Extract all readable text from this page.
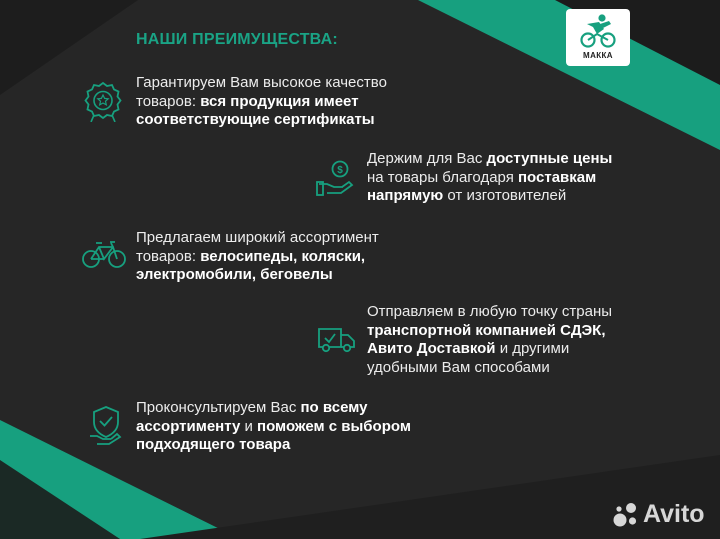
НАШИ ПРЕИМУЩЕСТВА:
МАККА

Гарантируем Вам высокое качество
товаров: вся продукция имеет
соответствующие сертификаты

$

Держим для Вас доступные цены
на товары благодаря поставкам
напрямую от изготовителей

Предлагаем широкий ассортимент
товаров: велосипеды, коляски,
электромобили, беговелы

Отправляем в любую точку страны
транспортной компанией СДЭК,
Авито Доставкой и другими
удобными Вам способами

Проконсультируем Вас по всему
ассортименту и поможем с выбором
подходящего товара

Avito
